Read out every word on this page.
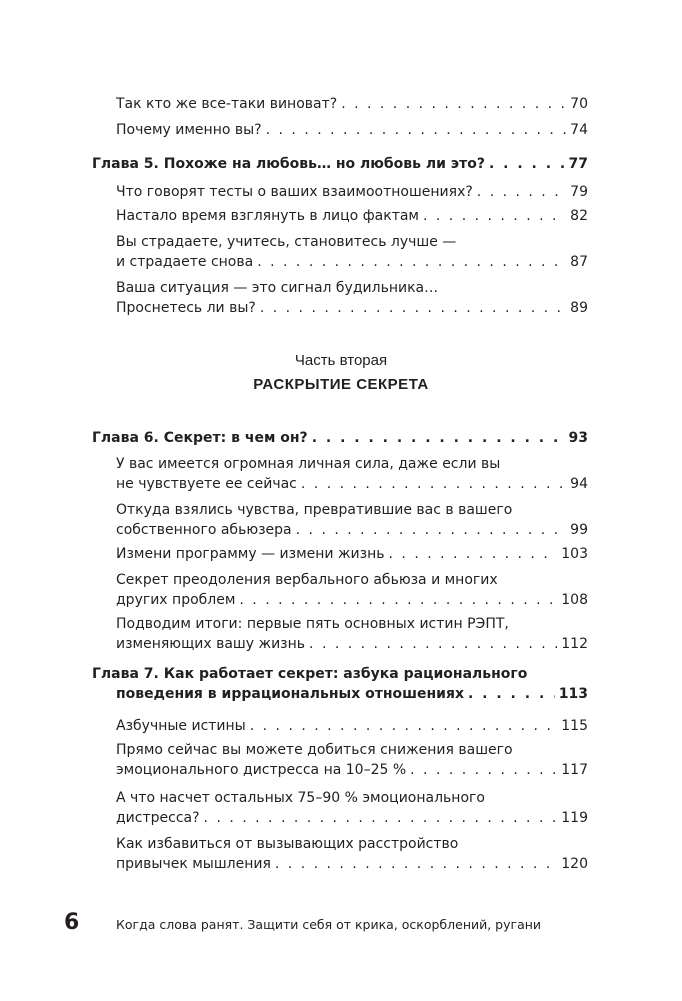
Так кто же все-таки виноват? . . .	70
Почему именно вы? . . .	74
Глава 5. Похоже на любовь… но любовь ли это? . . .	77
Что говорят тесты о ваших взаимоотношениях? . . .	79
Настало время взглянуть в лицо фактам . . .	82
Вы страдаете, учитесь, становитесь лучше —
и страдаете снова . . .	87
Ваша ситуация — это сигнал будильника…
Проснетесь ли вы? . . .	89
Часть вторая
РАСКРЫТИЕ СЕКРЕТА
Глава 6. Секрет: в чем он? . . .	93
У вас имеется огромная личная сила, даже если вы
не чувствуете ее сейчас . . .	94
Откуда взялись чувства, превратившие вас в вашего
собственного абьюзера . . .	99
Измени программу — измени жизнь . . .	103
Секрет преодоления вербального абьюза и многих
других проблем . . .	108
Подводим итоги: первые пять основных истин РЭПТ,
изменяющих вашу жизнь . . .	112
Глава 7. Как работает секрет: азбука рационального
поведения в иррациональных отношениях . . .	113
Азбучные истины . . .	115
Прямо сейчас вы можете добиться снижения вашего
эмоционального дистресса на 10–25 % . . .	117
А что насчет остальных 75–90 % эмоционального
дистресса? . . .	119
Как избавиться от вызывающих расстройство
привычек мышления . . .	120
6	Когда слова ранят. Защити себя от крика, оскорблений, ругани
